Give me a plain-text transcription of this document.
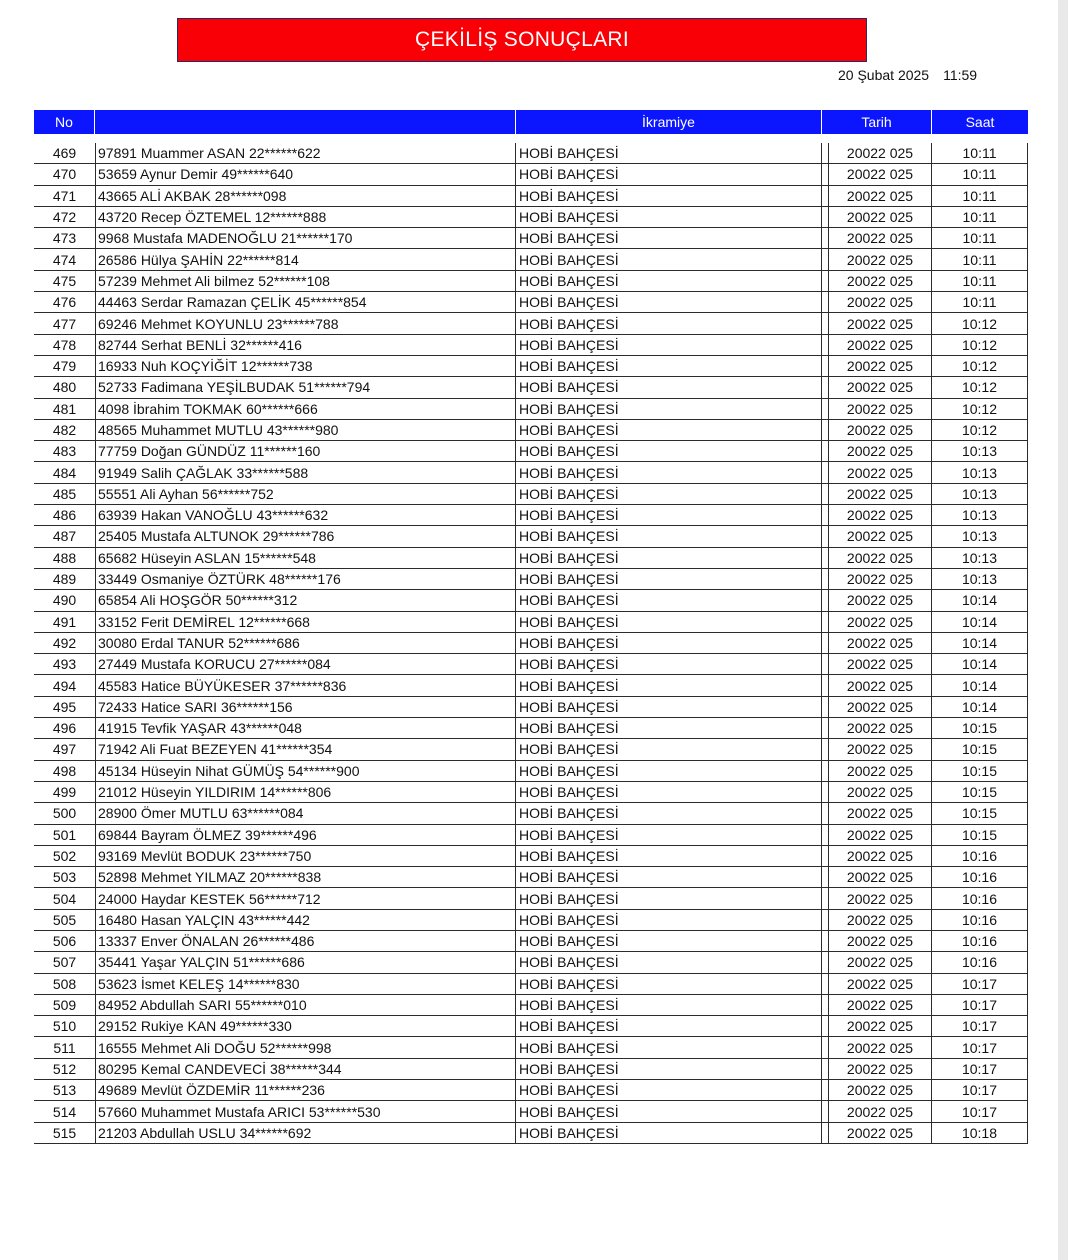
ÇEKİLİŞ SONUÇLARI
20 Şubat 2025 11:59
No	İkramiye	Tarih	Saat
469	97891 Muammer ASAN 22******622	HOBİ BAHÇESİ	20022 025	10:11
470	53659 Aynur Demir 49******640	HOBİ BAHÇESİ	20022 025	10:11
471	43665 ALİ AKBAK 28******098	HOBİ BAHÇESİ	20022 025	10:11
472	43720 Recep ÖZTEMEL 12******888	HOBİ BAHÇESİ	20022 025	10:11
473	9968 Mustafa MADENOĞLU 21******170	HOBİ BAHÇESİ	20022 025	10:11
474	26586 Hülya ŞAHİN 22******814	HOBİ BAHÇESİ	20022 025	10:11
475	57239 Mehmet Ali bilmez 52******108	HOBİ BAHÇESİ	20022 025	10:11
476	44463 Serdar Ramazan ÇELİK 45******854	HOBİ BAHÇESİ	20022 025	10:11
477	69246 Mehmet KOYUNLU 23******788	HOBİ BAHÇESİ	20022 025	10:12
478	82744 Serhat BENLİ 32******416	HOBİ BAHÇESİ	20022 025	10:12
479	16933 Nuh KOÇYİĞİT 12******738	HOBİ BAHÇESİ	20022 025	10:12
480	52733 Fadimana YEŞİLBUDAK 51******794	HOBİ BAHÇESİ	20022 025	10:12
481	4098 İbrahim TOKMAK 60******666	HOBİ BAHÇESİ	20022 025	10:12
482	48565 Muhammet MUTLU 43******980	HOBİ BAHÇESİ	20022 025	10:12
483	77759 Doğan GÜNDÜZ 11******160	HOBİ BAHÇESİ	20022 025	10:13
484	91949 Salih ÇAĞLAK 33******588	HOBİ BAHÇESİ	20022 025	10:13
485	55551 Ali Ayhan 56******752	HOBİ BAHÇESİ	20022 025	10:13
486	63939 Hakan VANOĞLU 43******632	HOBİ BAHÇESİ	20022 025	10:13
487	25405 Mustafa ALTUNOK 29******786	HOBİ BAHÇESİ	20022 025	10:13
488	65682 Hüseyin ASLAN 15******548	HOBİ BAHÇESİ	20022 025	10:13
489	33449 Osmaniye ÖZTÜRK 48******176	HOBİ BAHÇESİ	20022 025	10:13
490	65854 Ali HOŞGÖR 50******312	HOBİ BAHÇESİ	20022 025	10:14
491	33152 Ferit DEMİREL 12******668	HOBİ BAHÇESİ	20022 025	10:14
492	30080 Erdal TANUR 52******686	HOBİ BAHÇESİ	20022 025	10:14
493	27449 Mustafa KORUCU 27******084	HOBİ BAHÇESİ	20022 025	10:14
494	45583 Hatice BÜYÜKESER 37******836	HOBİ BAHÇESİ	20022 025	10:14
495	72433 Hatice SARI 36******156	HOBİ BAHÇESİ	20022 025	10:14
496	41915 Tevfik YAŞAR 43******048	HOBİ BAHÇESİ	20022 025	10:15
497	71942 Ali Fuat BEZEYEN 41******354	HOBİ BAHÇESİ	20022 025	10:15
498	45134 Hüseyin Nihat GÜMÜŞ 54******900	HOBİ BAHÇESİ	20022 025	10:15
499	21012 Hüseyin YILDIRIM 14******806	HOBİ BAHÇESİ	20022 025	10:15
500	28900 Ömer MUTLU 63******084	HOBİ BAHÇESİ	20022 025	10:15
501	69844 Bayram ÖLMEZ 39******496	HOBİ BAHÇESİ	20022 025	10:15
502	93169 Mevlüt BODUK 23******750	HOBİ BAHÇESİ	20022 025	10:16
503	52898 Mehmet YILMAZ 20******838	HOBİ BAHÇESİ	20022 025	10:16
504	24000 Haydar KESTEK 56******712	HOBİ BAHÇESİ	20022 025	10:16
505	16480 Hasan YALÇIN 43******442	HOBİ BAHÇESİ	20022 025	10:16
506	13337 Enver ÖNALAN 26******486	HOBİ BAHÇESİ	20022 025	10:16
507	35441 Yaşar YALÇIN 51******686	HOBİ BAHÇESİ	20022 025	10:16
508	53623 İsmet KELEŞ 14******830	HOBİ BAHÇESİ	20022 025	10:17
509	84952 Abdullah SARI 55******010	HOBİ BAHÇESİ	20022 025	10:17
510	29152 Rukiye KAN 49******330	HOBİ BAHÇESİ	20022 025	10:17
511	16555 Mehmet Ali DOĞU 52******998	HOBİ BAHÇESİ	20022 025	10:17
512	80295 Kemal CANDEVECİ 38******344	HOBİ BAHÇESİ	20022 025	10:17
513	49689 Mevlüt ÖZDEMİR 11******236	HOBİ BAHÇESİ	20022 025	10:17
514	57660 Muhammet Mustafa ARICI 53******530	HOBİ BAHÇESİ	20022 025	10:17
515	21203 Abdullah USLU 34******692	HOBİ BAHÇESİ	20022 025	10:18
